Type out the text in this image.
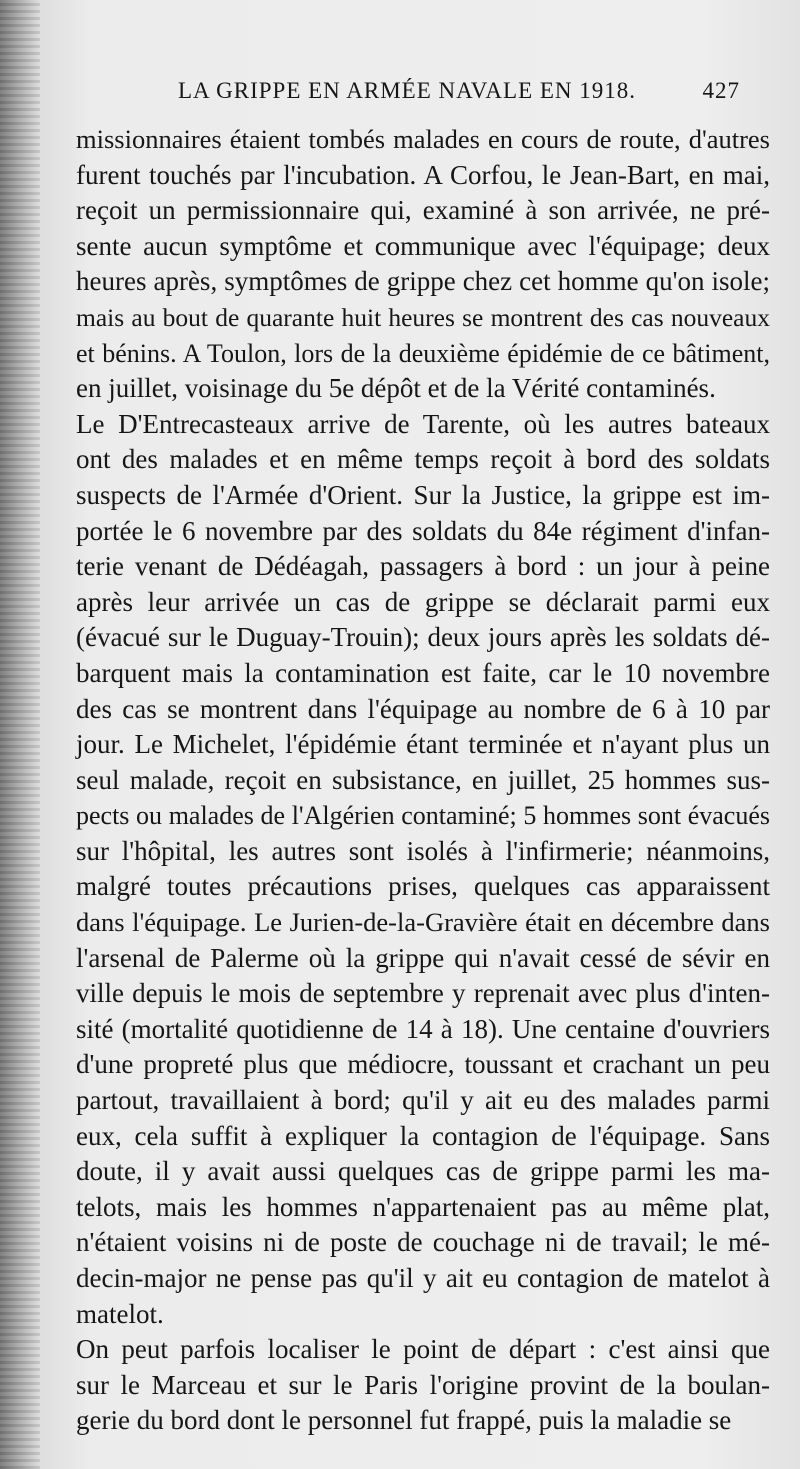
LA GRIPPE EN ARMÉE NAVALE EN 1918.	427

missionnaires étaient tombés malades en cours de route, d'autres
furent touchés par l'incubation. A Corfou, le Jean-Bart, en mai,
reçoit un permissionnaire qui, examiné à son arrivée, ne pré-
sente aucun symptôme et communique avec l'équipage; deux
heures après, symptômes de grippe chez cet homme qu'on isole;
mais au bout de quarante huit heures se montrent des cas nouveaux
et bénins. A Toulon, lors de la deuxième épidémie de ce bâtiment,
en juillet, voisinage du 5e dépôt et de la Vérité contaminés.

Le D'Entrecasteaux arrive de Tarente, où les autres bateaux
ont des malades et en même temps reçoit à bord des soldats
suspects de l'Armée d'Orient. Sur la Justice, la grippe est im-
portée le 6 novembre par des soldats du 84e régiment d'infan-
terie venant de Dédéagah, passagers à bord : un jour à peine
après leur arrivée un cas de grippe se déclarait parmi eux
(évacué sur le Duguay-Trouin); deux jours après les soldats dé-
barquent mais la contamination est faite, car le 10 novembre
des cas se montrent dans l'équipage au nombre de 6 à 10 par
jour. Le Michelet, l'épidémie étant terminée et n'ayant plus un
seul malade, reçoit en subsistance, en juillet, 25 hommes sus-
pects ou malades de l'Algérien contaminé; 5 hommes sont évacués
sur l'hôpital, les autres sont isolés à l'infirmerie; néanmoins,
malgré toutes précautions prises, quelques cas apparaissent
dans l'équipage. Le Jurien-de-la-Gravière était en décembre dans
l'arsenal de Palerme où la grippe qui n'avait cessé de sévir en
ville depuis le mois de septembre y reprenait avec plus d'inten-
sité (mortalité quotidienne de 14 à 18). Une centaine d'ouvriers
d'une propreté plus que médiocre, toussant et crachant un peu
partout, travaillaient à bord; qu'il y ait eu des malades parmi
eux, cela suffit à expliquer la contagion de l'équipage. Sans
doute, il y avait aussi quelques cas de grippe parmi les ma-
telots, mais les hommes n'appartenaient pas au même plat,
n'étaient voisins ni de poste de couchage ni de travail; le mé-
decin-major ne pense pas qu'il y ait eu contagion de matelot à
matelot.

On peut parfois localiser le point de départ : c'est ainsi que
sur le Marceau et sur le Paris l'origine provint de la boulan-
gerie du bord dont le personnel fut frappé, puis la maladie se
